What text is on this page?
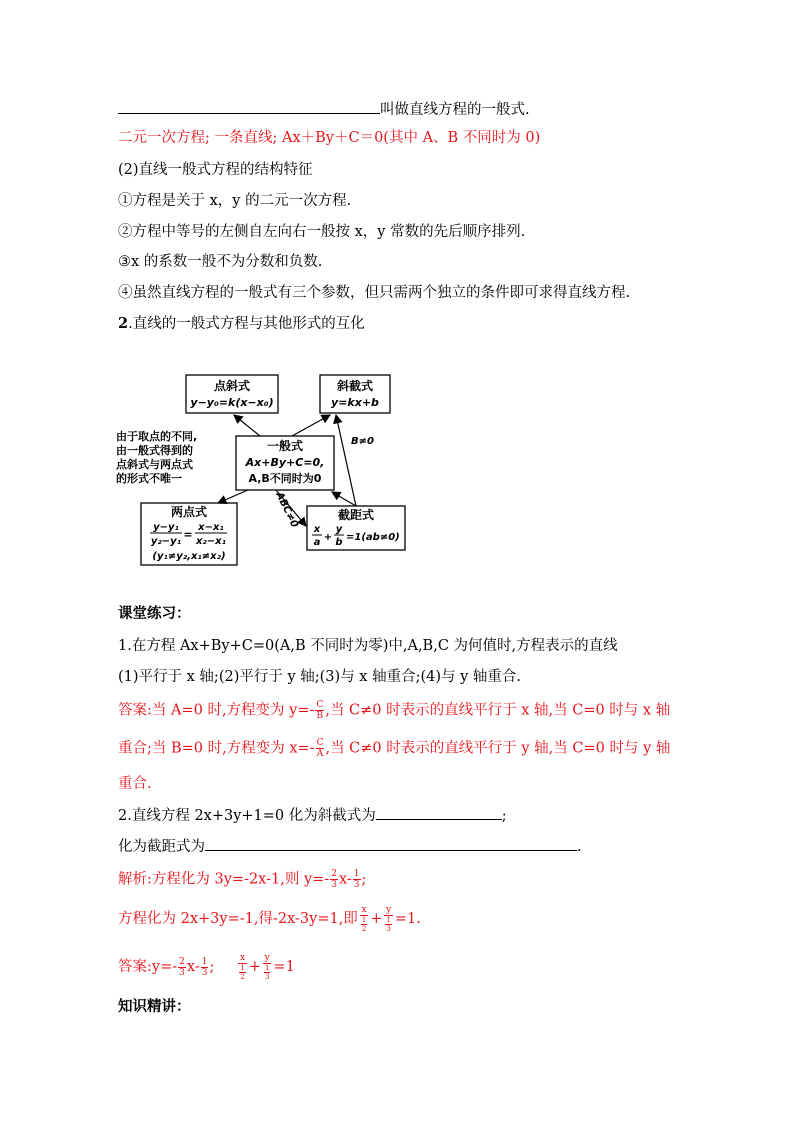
叫做直线方程的一般式.
二元一次方程; 一条直线; Ax＋By＋C＝0(其中 A、B 不同时为 0)
(2)直线一般式方程的结构特征
①方程是关于 x，y 的二元一次方程.
②方程中等号的左侧自左向右一般按 x，y 常数的先后顺序排列.
③x 的系数一般不为分数和负数.
④虽然直线方程的一般式有三个参数，但只需两个独立的条件即可求得直线方程.
2.直线的一般式方程与其他形式的互化
点斜式
y−y₀=k(x−x₀)
斜截式
y=kx+b
一般式
Ax+By+C=0,
A,B不同时为0
两点式
y−y₁
y₂−y₁
=
x−x₁
x₂−x₁
(y₁≠y₂,x₁≠x₂)
截距式
x
a +
y
b =1(ab≠0)
由于取点的不同,
由一般式得到的
点斜式与两点式
的形式不唯一
B≠0
ABC≠0
课堂练习：
1.在方程 Ax+By+C=0(A,B 不同时为零)中,A,B,C 为何值时,方程表示的直线
(1)平行于 x 轴;(2)平行于 y 轴;(3)与 x 轴重合;(4)与 y 轴重合.
答案:当 A=0 时,方程变为 $y=- \frac{C}{B}$ ,当 C≠0 时表示的直线平行于 x 轴,当 C=0 时与 x 轴
重合;当 B=0 时,方程变为 $x=- \frac{C}{A}$ ,当 C≠0 时表示的直线平行于 y 轴,当 C=0 时与 y 轴
重合.
2.直线方程 2x+3y+1=0 化为斜截式为	;
化为截距式为	.
解析:方程化为 3y=-2x-1,则 $y=- \frac{2}{3} x- \frac{1}{3}$ ;
方程化为 2x+3y=-1,得-2x-3y=1,即 $\frac{x}{\frac{1}{2}} + \frac{y}{\frac{1}{3}} =1$.
答案:y=- $\frac{2}{3} x- \frac{1}{3}$ ;	$\frac{x}{\frac{1}{2}} + \frac{y}{\frac{1}{3}} =1$
知识精讲：
